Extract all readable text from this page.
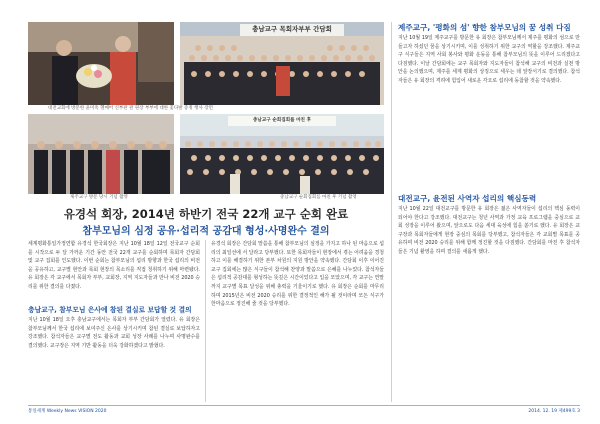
대전교회에 방문한 윤미옥 헬메어 신부관 관 원장 부부에 대한 꽃다발 증정 행사 장면
충남교구 목회자부부 간담회
제주교구 방문 당시 기념 촬영
충남교구 순회집회를 마친 후
충남교구 순회집회를 마친 후 기념 촬영
유경석 회장, 2014년 하반기 전국 22개 교구 순회 완료
참부모님의 심정 공유·섭리적 공감대 형성·사명완수 결의
세계평화통일가정연합 유경석 한국회장은 지난 10월 18일 12일 전국교구 순회를 시작으로 두 달 가까운 기간 동안 전국 22개 교구를 순회하며 목회자 간담회 및 교구 집회를 인도했다. 이번 순회는 참부모님의 섭리 방향과 한국 섭리의 비전을 공유하고, 교구별 현안과 목회 현장의 목소리를 직접 청취하기 위해 마련됐다. 유 회장은 각 교구에서 목회자 부부, 교회장, 지역 지도자들과 만나 비전 2020 승리를 위한 결의를 다졌다.
충남교구, 참부모님 은사에 참된 결실로 보답할 것 결의
지난 10월 18일 오후 충남교구에서는 목회자 부부 간담회가 열렸다. 유 회장은 참부모님께서 한국 섭리에 보여주신 은사를 상기시키며 참된 결실로 보답하자고 강조했다. 참석자들은 교구별 전도 활동과 교회 성장 사례를 나누며 사명완수를 결의했다. 교구장은 지역 기반 활동을 더욱 강화하겠다고 밝혔다.
유경석 회장은 간담회 말씀을 통해 참부모님의 심정을 가지고 하나 된 마음으로 섭리의 최일선에 서 달라고 당부했다. 또한 목회자들이 현장에서 겪는 어려움을 경청하고 이를 해결하기 위한 본부 차원의 지원 방안을 약속했다. 간담회 이후 이어진 교구 집회에는 많은 식구들이 참석해 찬양과 말씀으로 은혜를 나누었다. 참석자들은 섭리적 공감대를 형성하는 뜻깊은 시간이었다고 입을 모았으며, 각 교구는 연말까지 교구별 목표 달성을 위해 총력을 기울이기로 했다. 유 회장은 순회를 마무리하며 2015년은 비전 2020 승리를 위한 결정적인 해가 될 것이라며 모든 식구가 한마음으로 정진해 줄 것을 당부했다.
제주교구, '평화의 섬' 향한 참부모님의 꿈 성취 다짐
지난 10월 19일 제주교구를 방문한 유 회장은 참부모님께서 제주를 평화의 섬으로 만들고자 하셨던 꿈을 상기시키며, 이를 성취하기 위한 교구의 역할을 강조했다. 제주교구 식구들은 지역 사회 봉사와 평화 운동을 통해 참부모님의 뜻을 이루어 드리겠다고 다짐했다. 이날 간담회에는 교구 목회자와 지도자들이 참석해 교구의 비전과 실천 방안을 논의했으며, 제주를 세계 평화의 상징으로 세우는 데 앞장서기로 결의했다. 참석자들은 유 회장의 격려에 힘입어 새로운 각오로 섭리에 동참할 것을 약속했다.
대전교구, 윤전된 사역자 섭리의 핵심동력
지난 10월 22일 대전교구를 방문한 유 회장은 젊은 사역자들이 섭리의 핵심 동력이 되어야 한다고 강조했다. 대전교구는 청년 사역과 가정 교육 프로그램을 중심으로 교회 성장을 이루어 왔으며, 앞으로도 다음 세대 육성에 힘을 쏟기로 했다. 유 회장은 교구장과 목회자들에게 현장 중심의 목회를 당부했고, 참석자들은 각 교회별 목표를 공유하며 비전 2020 승리를 위해 함께 정진할 것을 다짐했다. 간담회를 마친 후 참석자들은 기념 촬영을 하며 결의를 새롭게 했다.
통일세계 Weekly News VISION 2020	2014. 12. 19 제499호 3
